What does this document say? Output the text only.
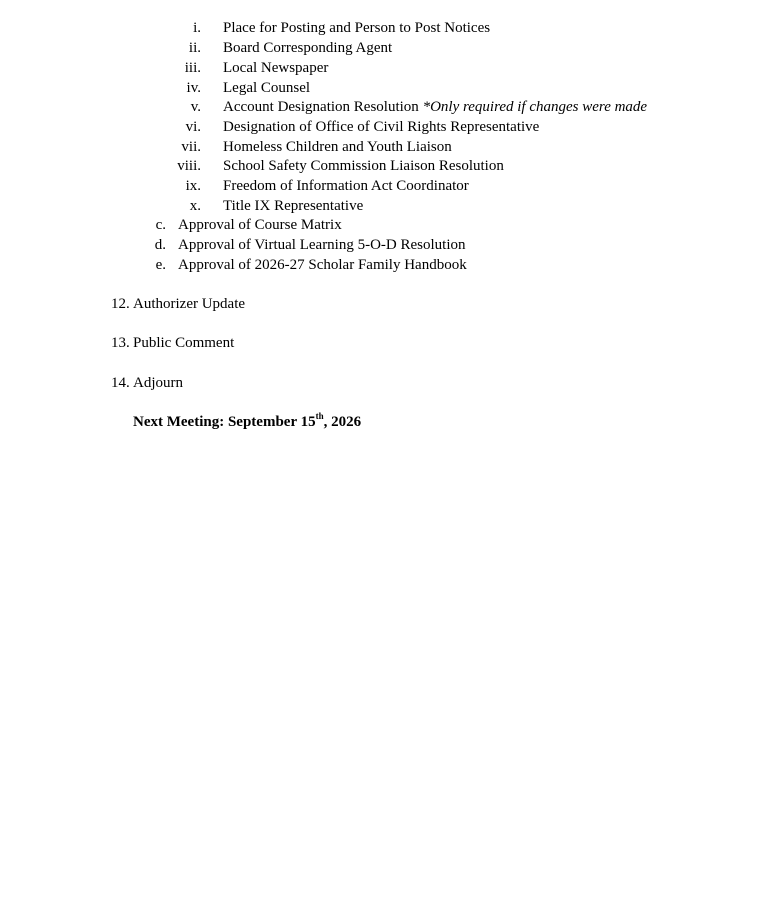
i. Place for Posting and Person to Post Notices
ii. Board Corresponding Agent
iii. Local Newspaper
iv. Legal Counsel
v. Account Designation Resolution *Only required if changes were made
vi. Designation of Office of Civil Rights Representative
vii. Homeless Children and Youth Liaison
viii. School Safety Commission Liaison Resolution
ix. Freedom of Information Act Coordinator
x. Title IX Representative
c. Approval of Course Matrix
d. Approval of Virtual Learning 5-O-D Resolution
e. Approval of 2026-27 Scholar Family Handbook
12. Authorizer Update
13. Public Comment
14. Adjourn
Next Meeting: September 15th, 2026
